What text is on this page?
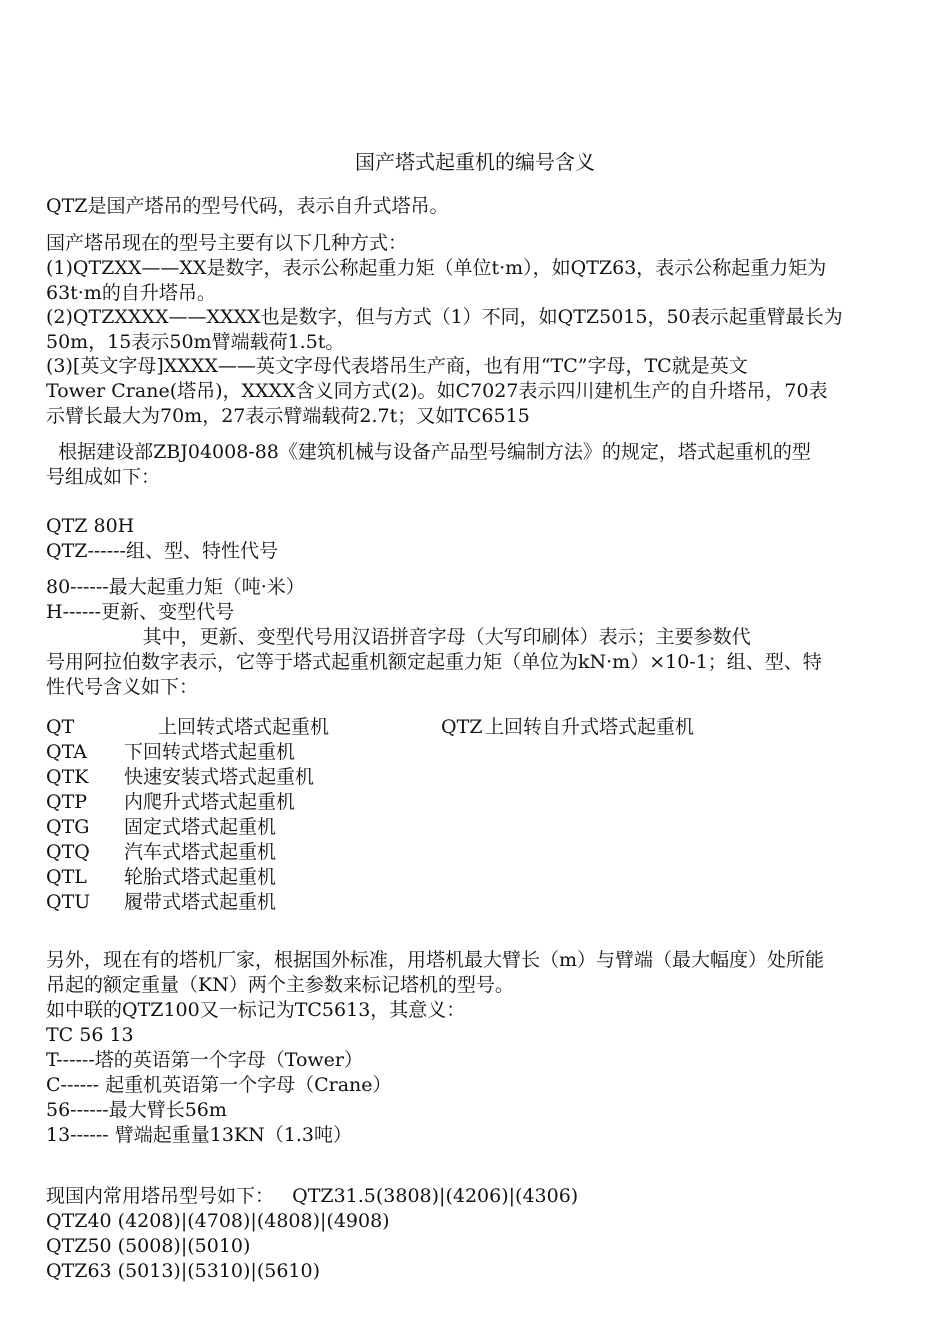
国产塔式起重机的编号含义
QTZ是国产塔吊的型号代码，表示自升式塔吊。
国产塔吊现在的型号主要有以下几种方式：
(1)QTZXX——XX是数字，表示公称起重力矩（单位t·m），如QTZ63，表示公称起重力矩为
63t·m的自升塔吊。
(2)QTZXXXX——XXXX也是数字，但与方式（1）不同，如QTZ5015，50表示起重臂最长为
50m，15表示50m臂端载荷1.5t。
(3)[英文字母]XXXX——英文字母代表塔吊生产商，也有用“TC”字母，TC就是英文
Tower Crane(塔吊)，XXXX含义同方式(2)。如C7027表示四川建机生产的自升塔吊，70表
示臂长最大为70m，27表示臂端载荷2.7t；又如TC6515
根据建设部ZBJ04008-88《建筑机械与设备产品型号编制方法》的规定，塔式起重机的型
号组成如下：
QTZ 80H
QTZ------组、型、特性代号
80------最大起重力矩（吨·米）
H------更新、变型代号
其中，更新、变型代号用汉语拼音字母（大写印刷体）表示；主要参数代
号用阿拉伯数字表示，它等于塔式起重机额定起重力矩（单位为kN·m）×10-1；组、型、特
性代号含义如下：
QT	上回转式塔式起重机	QTZ 上回转自升式塔式起重机
QTA 下回转式塔式起重机
QTK 快速安装式塔式起重机
QTP 内爬升式塔式起重机
QTG 固定式塔式起重机
QTQ 汽车式塔式起重机
QTL 轮胎式塔式起重机
QTU 履带式塔式起重机
另外，现在有的塔机厂家，根据国外标准，用塔机最大臂长（m）与臂端（最大幅度）处所能
吊起的额定重量（KN）两个主参数来标记塔机的型号。
如中联的QTZ100又一标记为TC5613，其意义：
TC 56 13
T------塔的英语第一个字母（Tower）
C------ 起重机英语第一个字母（Crane）
56------最大臂长56m
13------ 臂端起重量13KN（1.3吨）
现国内常用塔吊型号如下：   QTZ31.5(3808)|(4206)|(4306)
QTZ40 (4208)|(4708)|(4808)|(4908)
QTZ50 (5008)|(5010)
QTZ63 (5013)|(5310)|(5610)
